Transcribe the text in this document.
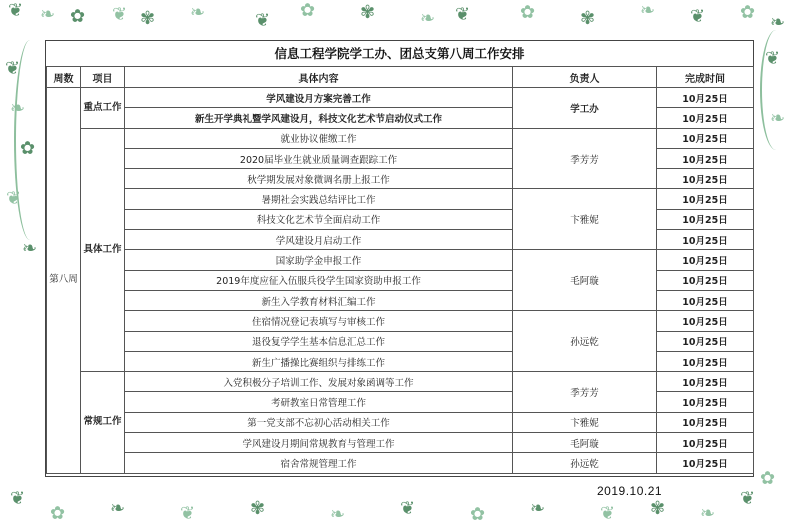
❦ ❧ ✿ ❦ ✾ ❧	❦ ✿ ✾ ❧ ❦	✿ ✾ ❧ ❦ ✿ ❧
❦
❧
✿
❦
❧
❦
❧
✿
❦
❧
✾
❦
❧
✿
❦
❧
✾
❦
❧
✿
❦
信息工程学院学工办、团总支第八周工作安排
周数	项目	具体内容	负责人	完成时间
第八周	重点工作	学风建设月方案完善工作	学工办	10月25日
		新生开学典礼暨学风建设月，科技文化艺术节启动仪式工作		10月25日
	具体工作	就业协议催缴工作	季芳芳	10月25日
		2020届毕业生就业质量调查跟踪工作		10月25日
		秋学期发展对象微调名册上报工作		10月25日
		暑期社会实践总结评比工作	卞雅妮	10月25日
		科技文化艺术节全面启动工作		10月25日
		学风建设月启动工作		10月25日
		国家助学金申报工作	毛阿璇	10月25日
		2019年度应征入伍服兵役学生国家资助申报工作		10月25日
		新生入学教育材料汇编工作		10月25日
		住宿情况登记表填写与审核工作	孙远乾	10月25日
		退役复学学生基本信息汇总工作		10月25日
		新生广播操比赛组织与排练工作		10月25日
	常规工作	入党积极分子培训工作、发展对象函调等工作	季芳芳	10月25日
		考研教室日常管理工作		10月25日
		第一党支部不忘初心活动相关工作	卞雅妮	10月25日
		学风建设月期间常规教育与管理工作	毛阿璇	10月25日
		宿舍常规管理工作	孙远乾	10月25日
2019.10.21
